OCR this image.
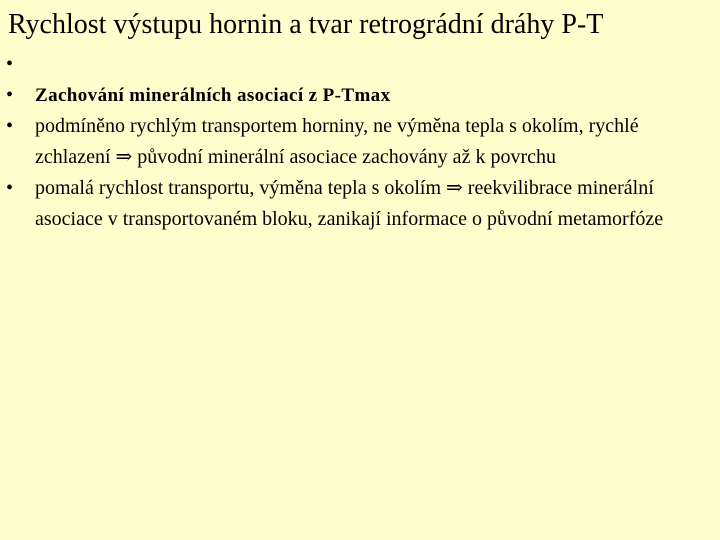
Rychlost výstupu hornin a tvar retrográdní dráhy P-T
•
•	Zachování minerálních asociací z P-Tmax
•	podmíněno rychlým transportem horniny, ne výměna tepla s okolím, rychlé zchlazení ⇒ původní minerální asociace zachovány až k povrchu
•	pomalá rychlost transportu, výměna tepla s okolím ⇒ reekvilibrace minerální asociace v transportovaném bloku, zanikají informace o původní metamorfóze
